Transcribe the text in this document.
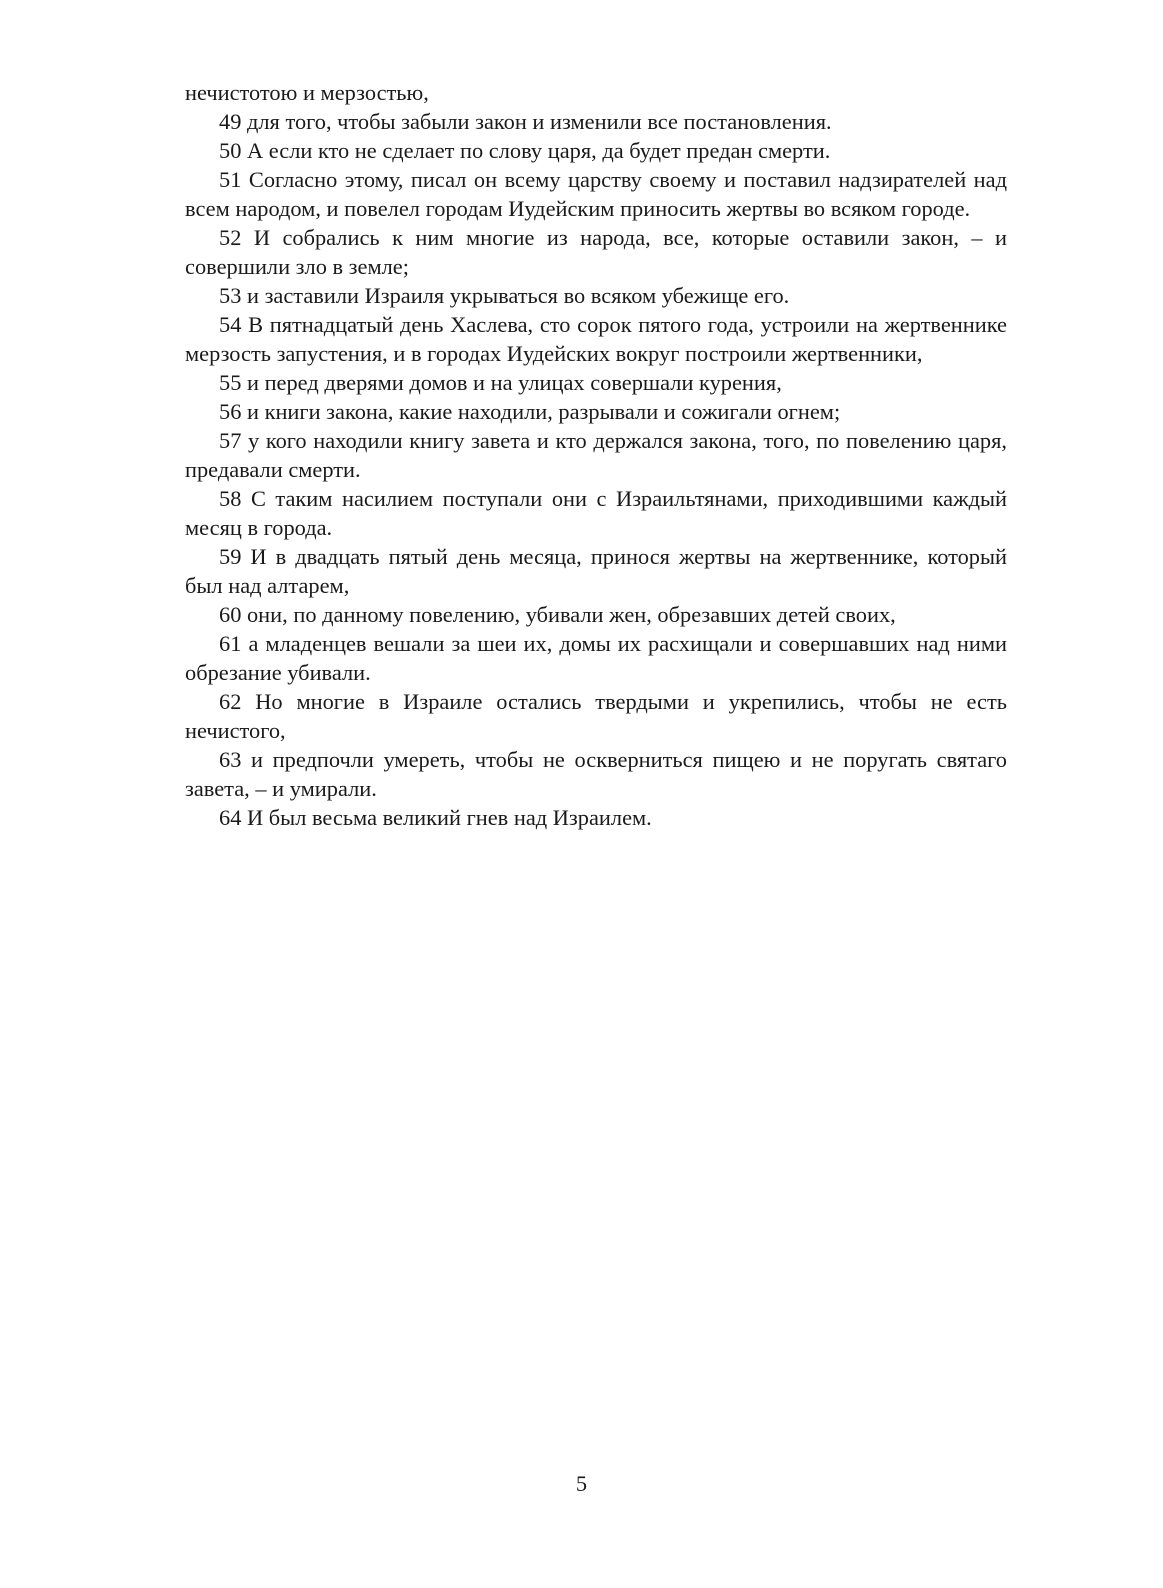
нечистотою и мерзостью,

49 для того, чтобы забыли закон и изменили все постановления.

50 А если кто не сделает по слову царя, да будет предан смерти.

51 Согласно этому, писал он всему царству своему и поставил надзирателей над всем народом, и повелел городам Иудейским приносить жертвы во всяком городе.

52 И собрались к ним многие из народа, все, которые оставили закон, – и совершили зло в земле;

53 и заставили Израиля укрываться во всяком убежище его.

54 В пятнадцатый день Хаслева, сто сорок пятого года, устроили на жертвеннике мерзость запустения, и в городах Иудейских вокруг построили жертвенники,

55 и перед дверями домов и на улицах совершали курения,

56 и книги закона, какие находили, разрывали и сожигали огнем;

57 у кого находили книгу завета и кто держался закона, того, по повелению царя, предавали смерти.

58 С таким насилием поступали они с Израильтянами, приходившими каждый месяц в города.

59 И в двадцать пятый день месяца, принося жертвы на жертвеннике, который был над алтарем,

60 они, по данному повелению, убивали жен, обрезавших детей своих,

61 а младенцев вешали за шеи их, домы их расхищали и совершавших над ними обрезание убивали.

62 Но многие в Израиле остались твердыми и укрепились, чтобы не есть нечистого,

63 и предпочли умереть, чтобы не оскверниться пищею и не поругать святаго завета, – и умирали.

64 И был весьма великий гнев над Израилем.

5
